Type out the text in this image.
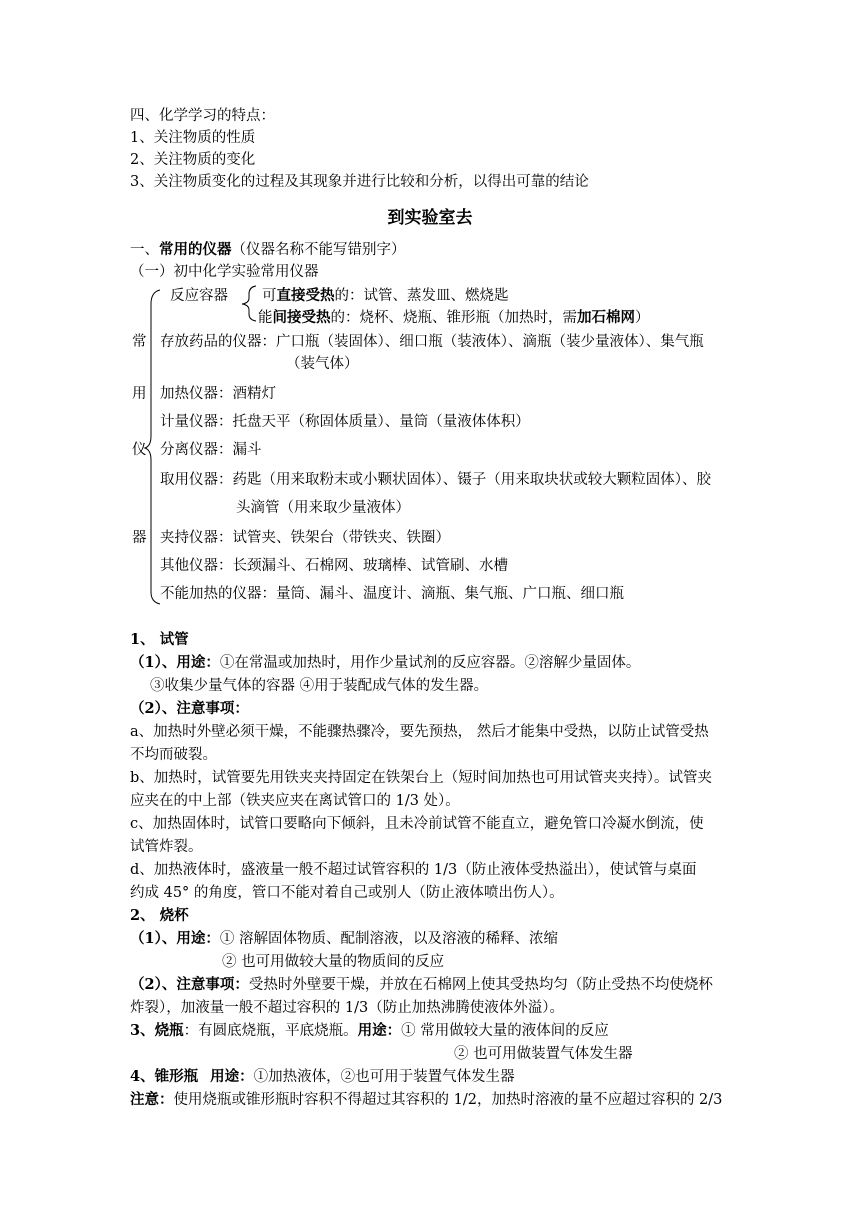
四、化学学习的特点：
1、关注物质的性质
2、关注物质的变化
3、关注物质变化的过程及其现象并进行比较和分析，以得出可靠的结论
到实验室去
一、常用的仪器（仪器名称不能写错别字）
（一）初中化学实验常用仪器
常
用
仪
器
反应容器 可直接受热的：试管、蒸发皿、燃烧匙
能间接受热的：烧杯、烧瓶、锥形瓶（加热时，需加石棉网）
存放药品的仪器：广口瓶（装固体）、细口瓶（装液体）、滴瓶（装少量液体）、集气瓶
（装气体）
加热仪器：酒精灯
计量仪器：托盘天平（称固体质量）、量筒（量液体体积）
分离仪器：漏斗
取用仪器：药匙（用来取粉末或小颗状固体）、镊子（用来取块状或较大颗粒固体）、胶
头滴管（用来取少量液体）
夹持仪器：试管夹、铁架台（带铁夹、铁圈）
其他仪器：长颈漏斗、石棉网、玻璃棒、试管刷、水槽
不能加热的仪器：量筒、漏斗、温度计、滴瓶、集气瓶、广口瓶、细口瓶
1、 试管
（1）、用途：①在常温或加热时，用作少量试剂的反应容器。②溶解少量固体。
③收集少量气体的容器 ④用于装配成气体的发生器。
（2）、注意事项：
a、加热时外壁必须干燥，不能骤热骤冷，要先预热， 然后才能集中受热，以防止试管受热
不均而破裂。
b、加热时，试管要先用铁夹夹持固定在铁架台上（短时间加热也可用试管夹夹持）。试管夹
应夹在的中上部（铁夹应夹在离试管口的 1/3 处）。
c、加热固体时，试管口要略向下倾斜，且未冷前试管不能直立，避免管口冷凝水倒流，使
试管炸裂。
d、加热液体时，盛液量一般不超过试管容积的 1/3（防止液体受热溢出），使试管与桌面
约成 45° 的角度，管口不能对着自己或别人（防止液体喷出伤人）。
2、 烧杯
（1）、用途：① 溶解固体物质、配制溶液，以及溶液的稀释、浓缩
② 也可用做较大量的物质间的反应
（2）、注意事项：受热时外壁要干燥，并放在石棉网上使其受热均匀（防止受热不均使烧杯
炸裂），加液量一般不超过容积的 1/3（防止加热沸腾使液体外溢）。
3、烧瓶：有圆底烧瓶，平底烧瓶。用途：① 常用做较大量的液体间的反应
② 也可用做装置气体发生器
4、锥形瓶 用途：①加热液体，②也可用于装置气体发生器
注意：使用烧瓶或锥形瓶时容积不得超过其容积的 1/2，加热时溶液的量不应超过容积的 2/3
